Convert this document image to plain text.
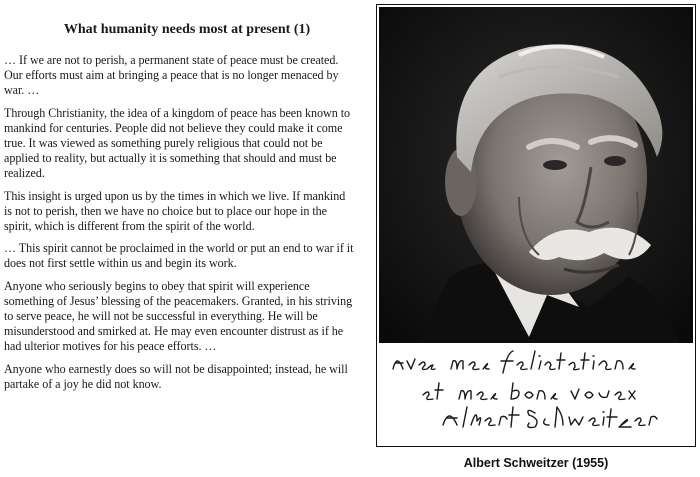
What humanity needs most at present (1)

… If we are not to perish, a permanent state of peace must be created. Our efforts must aim at bringing a peace that is no longer menaced by war. …

Through Christianity, the idea of a kingdom of peace has been known to mankind for centuries. People did not believe they could make it come true. It was viewed as something purely religious that could not be applied to reality, but actually it is something that should and must be realized.

This insight is urged upon us by the times in which we live. If mankind is not to perish, then we have no choice but to place our hope in the spirit, which is different from the spirit of the world.

… This spirit cannot be proclaimed in the world or put an end to war if it does not first settle within us and begin its work.

Anyone who seriously begins to obey that spirit will experience something of Jesus’ blessing of the peacemakers. Granted, in his striving to serve peace, he will not be successful in everything. He will be misunderstood and smirked at. He may even encounter distrust as if he had ulterior motives for his peace efforts. …

Anyone who earnestly does so will not be disappointed; instead, he will partake of a joy he did not know.

Albert Schweitzer (1955)
